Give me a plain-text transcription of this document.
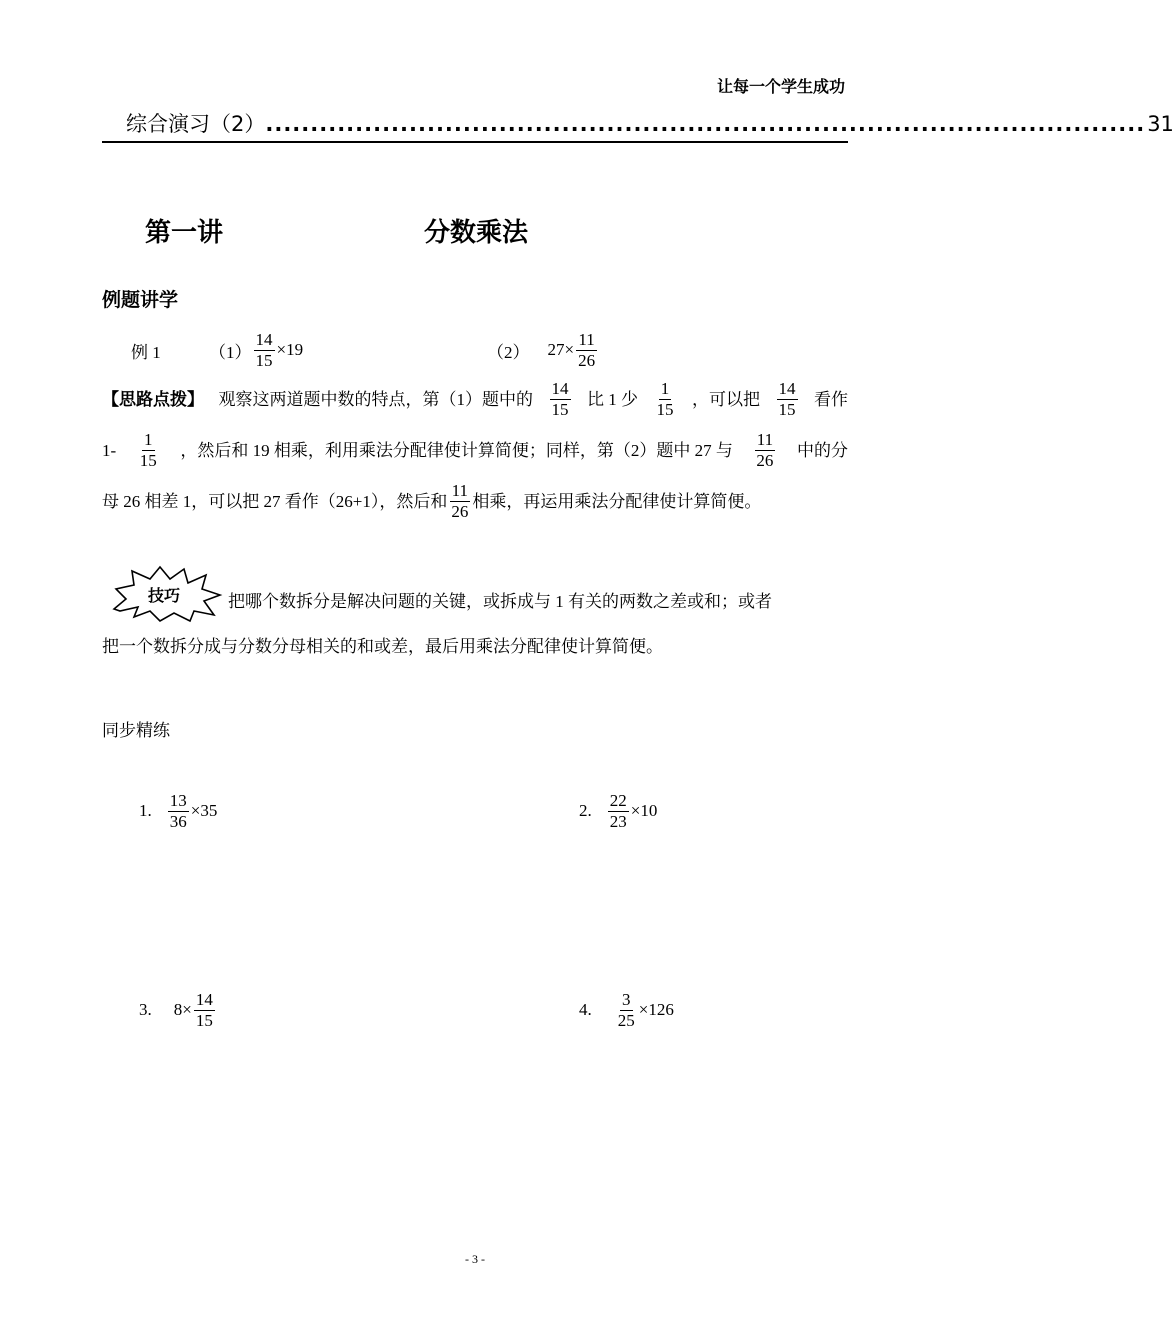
让每一个学生成功
综合演习（2） .................................................................................................. 31
第一讲	分数乘法
例题讲学
例 1	$(1) \frac{14}{15} \times 19$	（2） $27\times \frac{11}{26}$
【思路点拨】 观察这两道题中数的特点，第（1）题中的 $\frac{14}{15}$ 比 1 少 $\frac{1}{15}$ ，可以把 $\frac{14}{15}$ 看作
$1- \frac{1}{15}$ ，然后和 19 相乘，利用乘法分配律使计算简便；同样，第（2）题中 27 与 $\frac{11}{26}$ 中的分
母 26 相差 1，可以把 27 看作（26+1），然后和 $\frac{11}{26}$ 相乘，再运用乘法分配律使计算简便。
技巧	把哪个数拆分是解决问题的关键，或拆成与 1 有关的两数之差或和；或者
把一个数拆分成与分数分母相关的和或差，最后用乘法分配律使计算简便。
同步精练
1. $\frac{13}{36} \times 35$	2. $\frac{22}{23} \times 10$
3. $8\times \frac{14}{15}$	4. $\frac{3}{25} \times 126$
- 3 -
